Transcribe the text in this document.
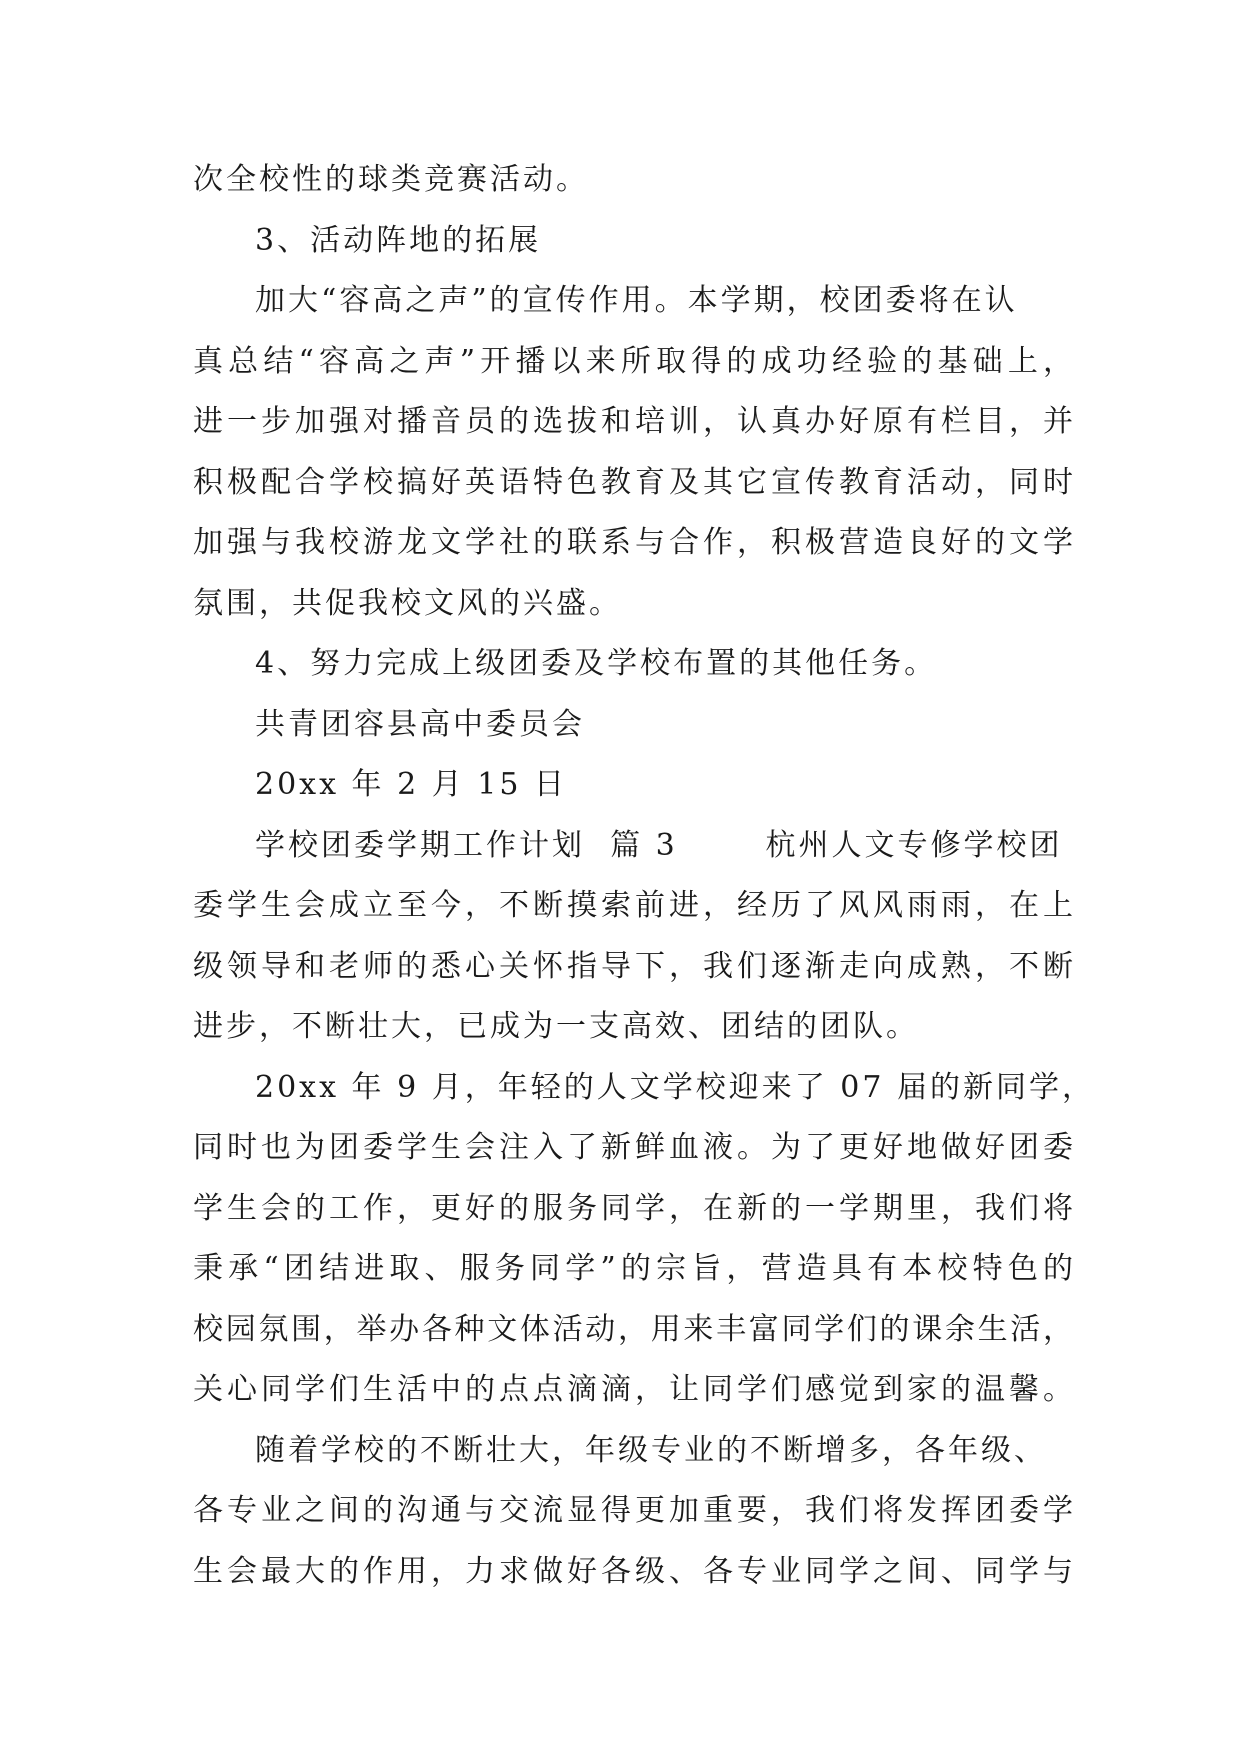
次全校性的球类竞赛活动。
3、活动阵地的拓展
加大“容高之声”的宣传作用。本学期，校团委将在认
真总结“容高之声”开播以来所取得的成功经验的基础上，
进一步加强对播音员的选拔和培训，认真办好原有栏目，并
积极配合学校搞好英语特色教育及其它宣传教育活动，同时
加强与我校游龙文学社的联系与合作，积极营造良好的文学
氛围，共促我校文风的兴盛。
4、努力完成上级团委及学校布置的其他任务。
共青团容县高中委员会
20xx 年 2 月 15 日
学校团委学期工作计划  篇 3       杭州人文专修学校团
委学生会成立至今，不断摸索前进，经历了风风雨雨，在上
级领导和老师的悉心关怀指导下，我们逐渐走向成熟，不断
进步，不断壮大，已成为一支高效、团结的团队。
20xx 年 9 月，年轻的人文学校迎来了 07 届的新同学，
同时也为团委学生会注入了新鲜血液。为了更好地做好团委
学生会的工作，更好的服务同学，在新的一学期里，我们将
秉承“团结进取、服务同学”的宗旨，营造具有本校特色的
校园氛围，举办各种文体活动，用来丰富同学们的课余生活，
关心同学们生活中的点点滴滴，让同学们感觉到家的温馨。
随着学校的不断壮大，年级专业的不断增多，各年级、
各专业之间的沟通与交流显得更加重要，我们将发挥团委学
生会最大的作用，力求做好各级、各专业同学之间、同学与
